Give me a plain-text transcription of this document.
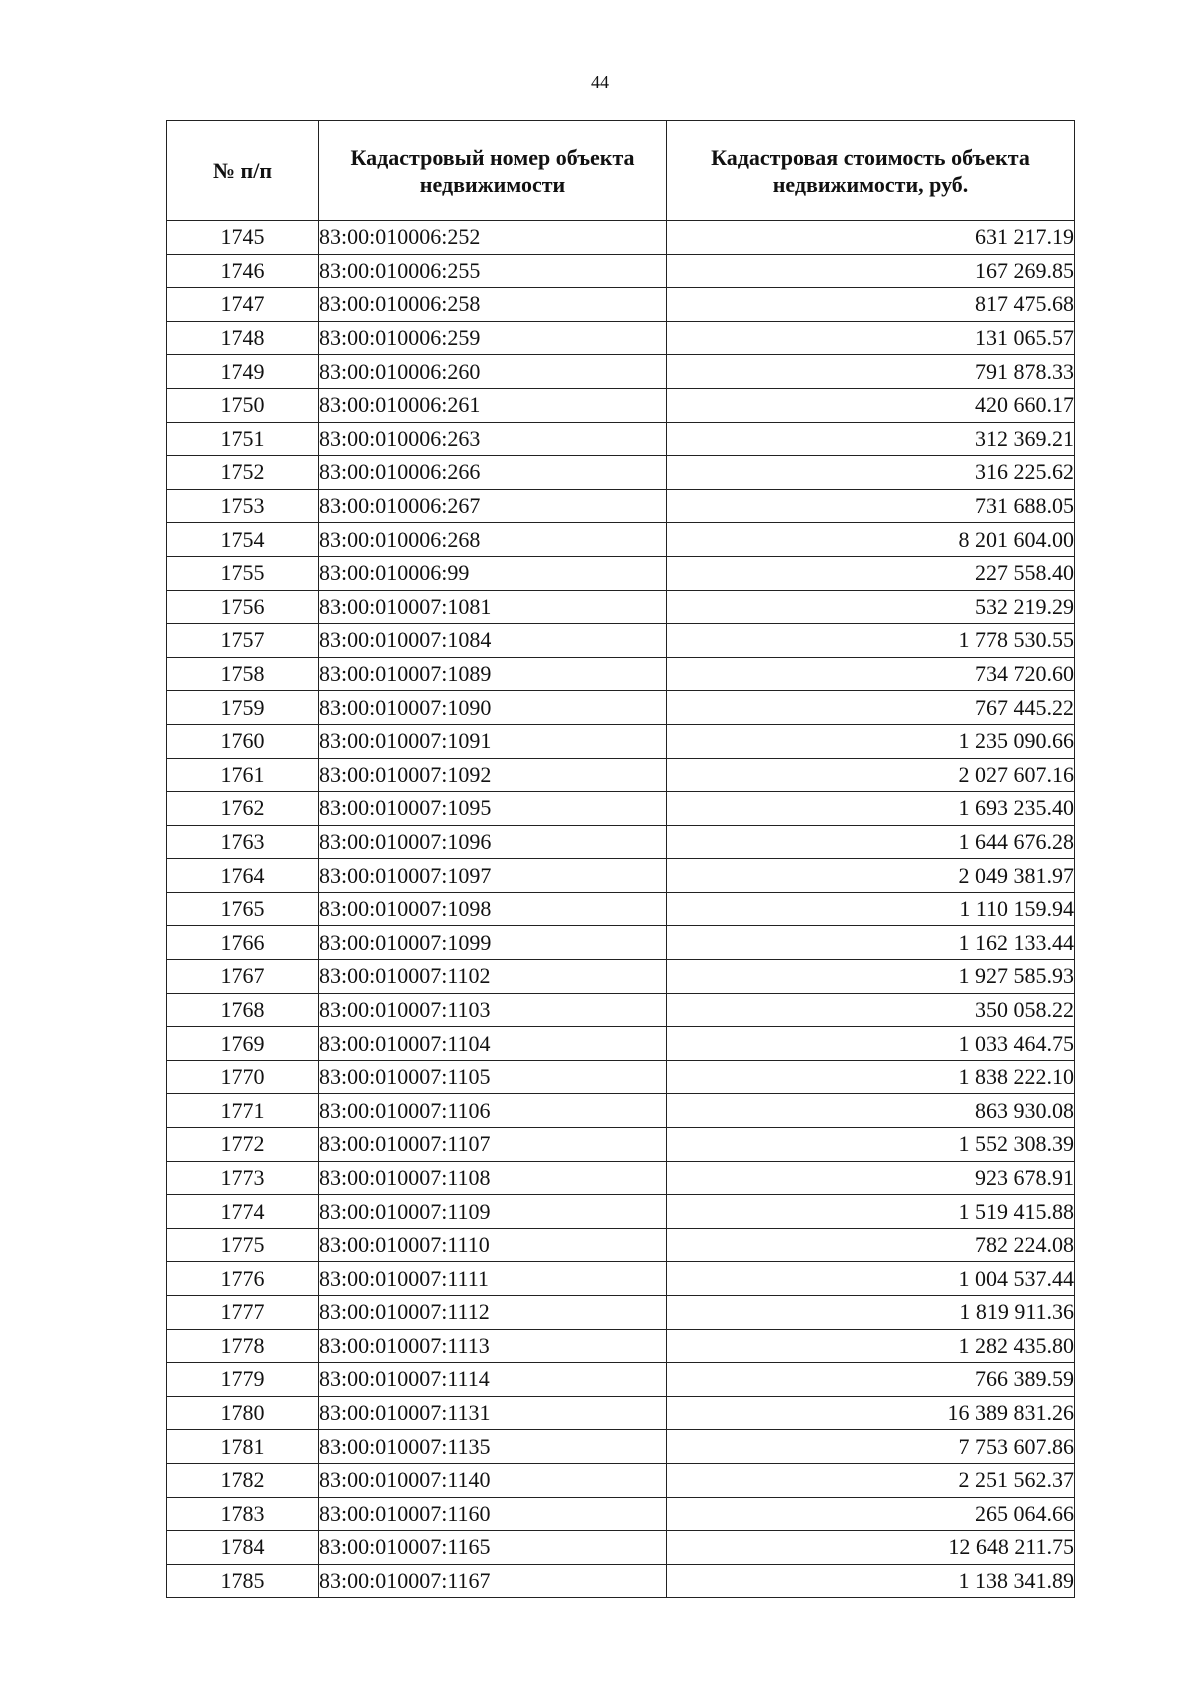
44
№ п/п	Кадастровый номер объекта недвижимости	Кадастровая стоимость объекта недвижимости, руб.
1745	83:00:010006:252	631 217.19
1746	83:00:010006:255	167 269.85
1747	83:00:010006:258	817 475.68
1748	83:00:010006:259	131 065.57
1749	83:00:010006:260	791 878.33
1750	83:00:010006:261	420 660.17
1751	83:00:010006:263	312 369.21
1752	83:00:010006:266	316 225.62
1753	83:00:010006:267	731 688.05
1754	83:00:010006:268	8 201 604.00
1755	83:00:010006:99	227 558.40
1756	83:00:010007:1081	532 219.29
1757	83:00:010007:1084	1 778 530.55
1758	83:00:010007:1089	734 720.60
1759	83:00:010007:1090	767 445.22
1760	83:00:010007:1091	1 235 090.66
1761	83:00:010007:1092	2 027 607.16
1762	83:00:010007:1095	1 693 235.40
1763	83:00:010007:1096	1 644 676.28
1764	83:00:010007:1097	2 049 381.97
1765	83:00:010007:1098	1 110 159.94
1766	83:00:010007:1099	1 162 133.44
1767	83:00:010007:1102	1 927 585.93
1768	83:00:010007:1103	350 058.22
1769	83:00:010007:1104	1 033 464.75
1770	83:00:010007:1105	1 838 222.10
1771	83:00:010007:1106	863 930.08
1772	83:00:010007:1107	1 552 308.39
1773	83:00:010007:1108	923 678.91
1774	83:00:010007:1109	1 519 415.88
1775	83:00:010007:1110	782 224.08
1776	83:00:010007:1111	1 004 537.44
1777	83:00:010007:1112	1 819 911.36
1778	83:00:010007:1113	1 282 435.80
1779	83:00:010007:1114	766 389.59
1780	83:00:010007:1131	16 389 831.26
1781	83:00:010007:1135	7 753 607.86
1782	83:00:010007:1140	2 251 562.37
1783	83:00:010007:1160	265 064.66
1784	83:00:010007:1165	12 648 211.75
1785	83:00:010007:1167	1 138 341.89
